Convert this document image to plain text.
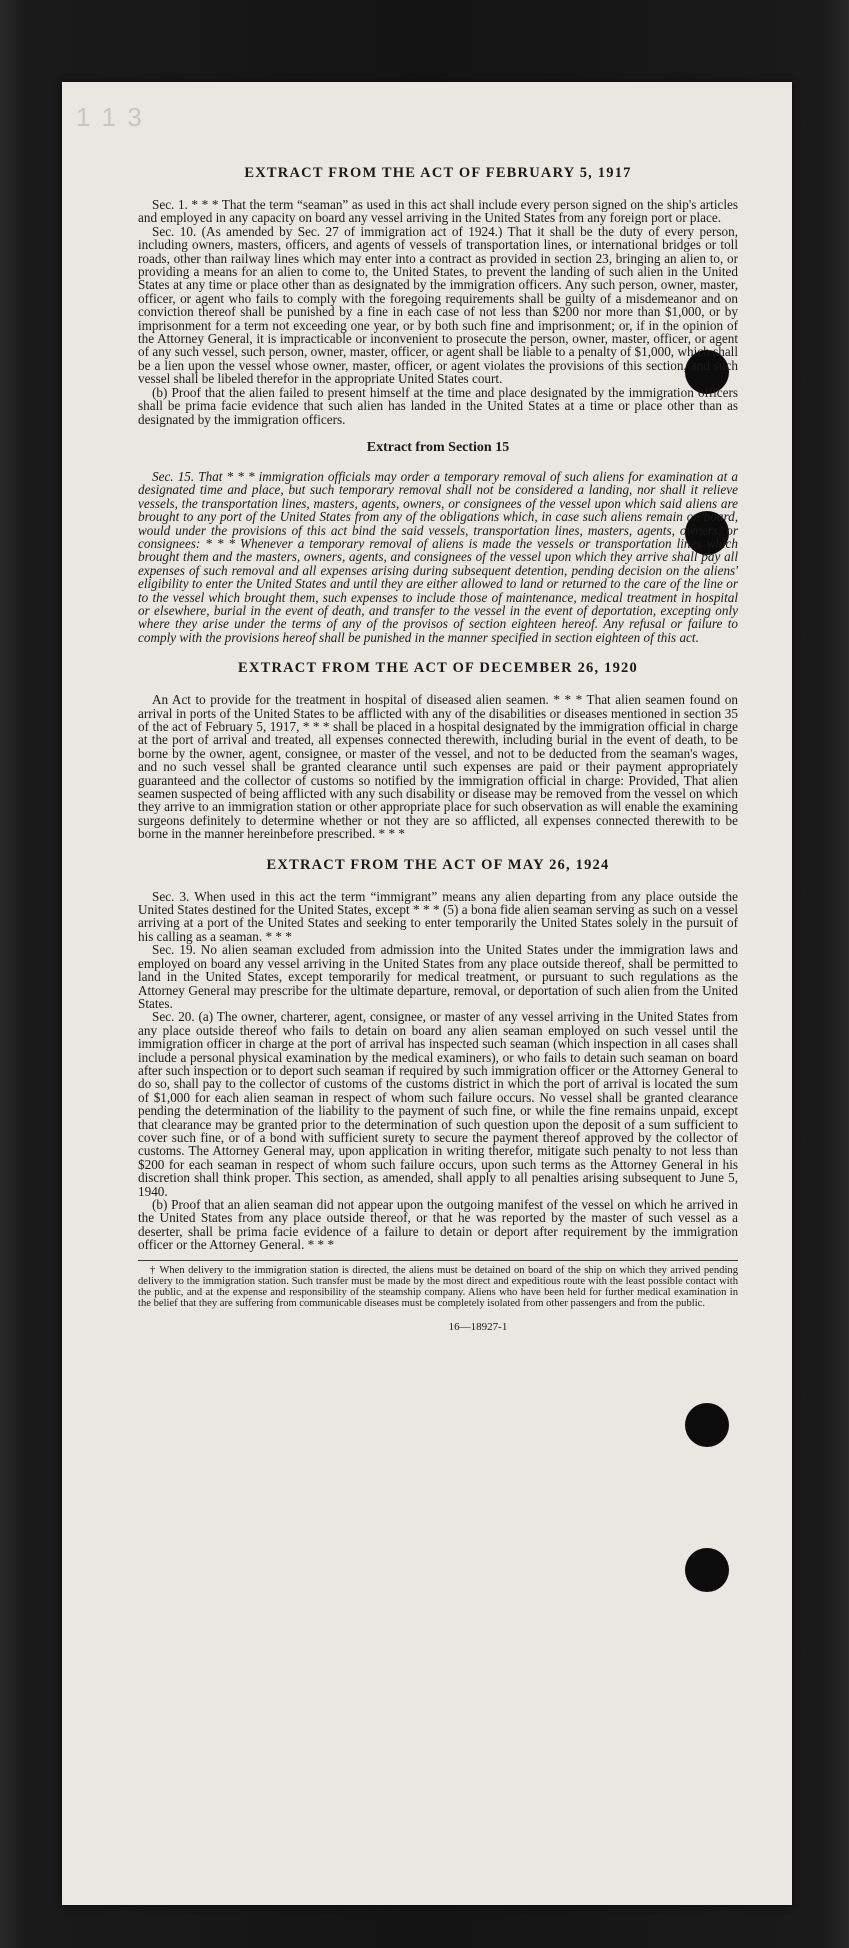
1 1 3
EXTRACT FROM THE ACT OF FEBRUARY 5, 1917

Sec. 1. * * * That the term “seaman” as used in this act shall include every person signed on the ship's articles and employed in any capacity on board any vessel arriving in the United States from any foreign port or place.

Sec. 10. (As amended by Sec. 27 of immigration act of 1924.) That it shall be the duty of every person, including owners, masters, officers, and agents of vessels of transportation lines, or international bridges or toll roads, other than railway lines which may enter into a contract as provided in section 23, bringing an alien to, or providing a means for an alien to come to, the United States, to prevent the landing of such alien in the United States at any time or place other than as designated by the immigration officers. Any such person, owner, master, officer, or agent who fails to comply with the foregoing requirements shall be guilty of a misdemeanor and on conviction thereof shall be punished by a fine in each case of not less than $200 nor more than $1,000, or by imprisonment for a term not exceeding one year, or by both such fine and imprisonment; or, if in the opinion of the Attorney General, it is impracticable or inconvenient to prosecute the person, owner, master, officer, or agent of any such vessel, such person, owner, master, officer, or agent shall be liable to a penalty of $1,000, which shall be a lien upon the vessel whose owner, master, officer, or agent violates the provisions of this section, and such vessel shall be libeled therefor in the appropriate United States court.

(b) Proof that the alien failed to present himself at the time and place designated by the immigration officers shall be prima facie evidence that such alien has landed in the United States at a time or place other than as designated by the immigration officers.

Extract from Section 15

Sec. 15. That * * * immigration officials may order a temporary removal of such aliens for examination at a designated time and place, but such temporary removal shall not be considered a landing, nor shall it relieve vessels, the transportation lines, masters, agents, owners, or consignees of the vessel upon which said aliens are brought to any port of the United States from any of the obligations which, in case such aliens remain on board, would under the provisions of this act bind the said vessels, transportation lines, masters, agents, owners, or consignees: * * * Whenever a temporary removal of aliens is made the vessels or transportation lines which brought them and the masters, owners, agents, and consignees of the vessel upon which they arrive shall pay all expenses of such removal and all expenses arising during subsequent detention, pending decision on the aliens' eligibility to enter the United States and until they are either allowed to land or returned to the care of the line or to the vessel which brought them, such expenses to include those of maintenance, medical treatment in hospital or elsewhere, burial in the event of death, and transfer to the vessel in the event of deportation, excepting only where they arise under the terms of any of the provisos of section eighteen hereof. Any refusal or failure to comply with the provisions hereof shall be punished in the manner specified in section eighteen of this act.

EXTRACT FROM THE ACT OF DECEMBER 26, 1920

An Act to provide for the treatment in hospital of diseased alien seamen. * * * That alien seamen found on arrival in ports of the United States to be afflicted with any of the disabilities or diseases mentioned in section 35 of the act of February 5, 1917, * * * shall be placed in a hospital designated by the immigration official in charge at the port of arrival and treated, all expenses connected therewith, including burial in the event of death, to be borne by the owner, agent, consignee, or master of the vessel, and not to be deducted from the seaman's wages, and no such vessel shall be granted clearance until such expenses are paid or their payment appropriately guaranteed and the collector of customs so notified by the immigration official in charge: Provided, That alien seamen suspected of being afflicted with any such disability or disease may be removed from the vessel on which they arrive to an immigration station or other appropriate place for such observation as will enable the examining surgeons definitely to determine whether or not they are so afflicted, all expenses connected therewith to be borne in the manner hereinbefore prescribed. * * *

EXTRACT FROM THE ACT OF MAY 26, 1924

Sec. 3. When used in this act the term “immigrant” means any alien departing from any place outside the United States destined for the United States, except * * * (5) a bona fide alien seaman serving as such on a vessel arriving at a port of the United States and seeking to enter temporarily the United States solely in the pursuit of his calling as a seaman. * * *

Sec. 19. No alien seaman excluded from admission into the United States under the immigration laws and employed on board any vessel arriving in the United States from any place outside thereof, shall be permitted to land in the United States, except temporarily for medical treatment, or pursuant to such regulations as the Attorney General may prescribe for the ultimate departure, removal, or deportation of such alien from the United States.

Sec. 20. (a) The owner, charterer, agent, consignee, or master of any vessel arriving in the United States from any place outside thereof who fails to detain on board any alien seaman employed on such vessel until the immigration officer in charge at the port of arrival has inspected such seaman (which inspection in all cases shall include a personal physical examination by the medical examiners), or who fails to detain such seaman on board after such inspection or to deport such seaman if required by such immigration officer or the Attorney General to do so, shall pay to the collector of customs of the customs district in which the port of arrival is located the sum of $1,000 for each alien seaman in respect of whom such failure occurs. No vessel shall be granted clearance pending the determination of the liability to the payment of such fine, or while the fine remains unpaid, except that clearance may be granted prior to the determination of such question upon the deposit of a sum sufficient to cover such fine, or of a bond with sufficient surety to secure the payment thereof approved by the collector of customs. The Attorney General may, upon application in writing therefor, mitigate such penalty to not less than $200 for each seaman in respect of whom such failure occurs, upon such terms as the Attorney General in his discretion shall think proper. This section, as amended, shall apply to all penalties arising subsequent to June 5, 1940.

(b) Proof that an alien seaman did not appear upon the outgoing manifest of the vessel on which he arrived in the United States from any place outside thereof, or that he was reported by the master of such vessel as a deserter, shall be prima facie evidence of a failure to detain or deport after requirement by the immigration officer or the Attorney General. * * *

† When delivery to the immigration station is directed, the aliens must be detained on board of the ship on which they arrived pending delivery to the immigration station. Such transfer must be made by the most direct and expeditious route with the least possible contact with the public, and at the expense and responsibility of the steamship company. Aliens who have been held for further medical examination in the belief that they are suffering from communicable diseases must be completely isolated from other passengers and from the public.

16—18927-1
